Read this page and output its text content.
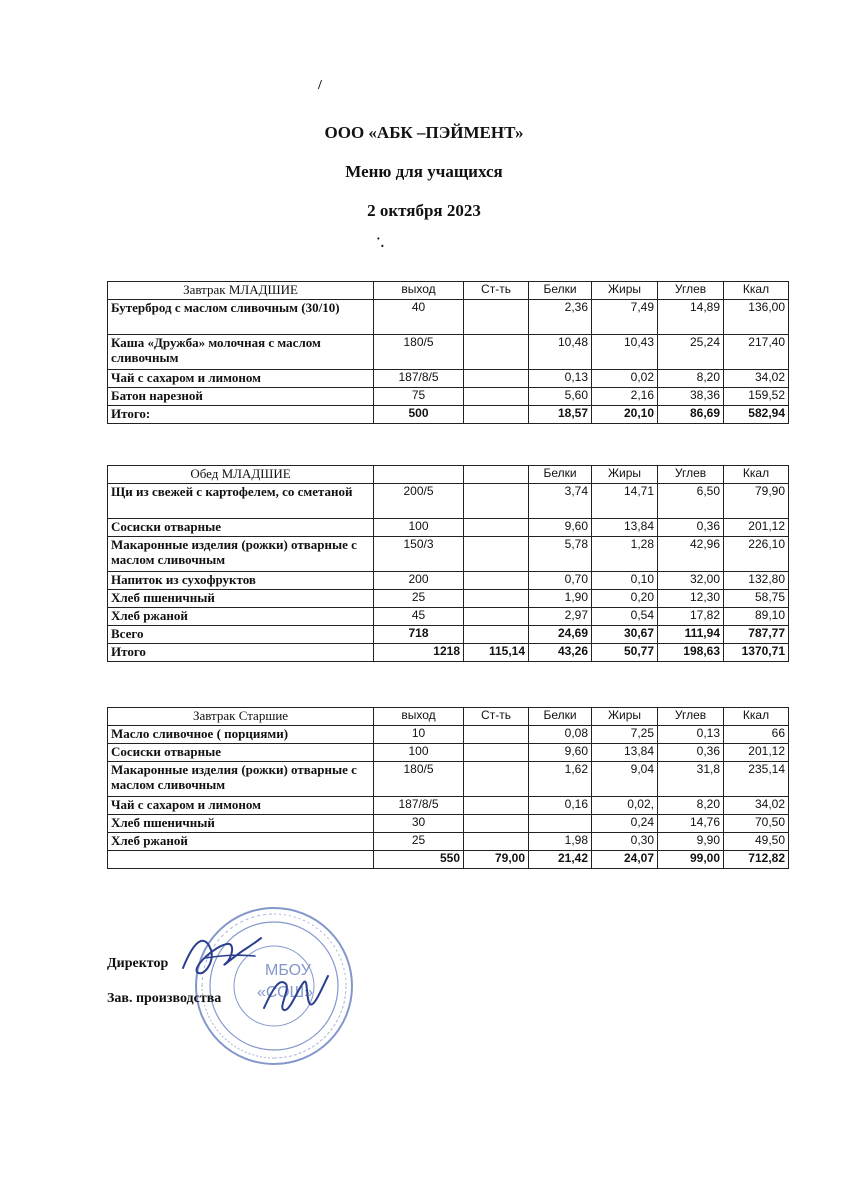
ООО «АБК –ПЭЙМЕНТ»
Меню для учащихся
2 октября 2023
/
˙.
Завтрак МЛАДШИЕ	выход	Ст-ть	Белки	Жиры	Углев	Ккал
Бутерброд с маслом сливочным (30/10)	40		2,36	7,49	14,89	136,00
Каша «Дружба» молочная с маслом сливочным	180/5		10,48	10,43	25,24	217,40
Чай с сахаром и лимоном	187/8/5		0,13	0,02	8,20	34,02
Батон нарезной	75		5,60	2,16	38,36	159,52
Итого:	500		18,57	20,10	86,69	582,94
Обед МЛАДШИЕ			Белки	Жиры	Углев	Ккал
Щи из свежей с картофелем, со сметаной	200/5		3,74	14,71	6,50	79,90
Сосиски отварные	100		9,60	13,84	0,36	201,12
Макаронные изделия (рожки) отварные с маслом сливочным	150/3		5,78	1,28	42,96	226,10
Напиток из сухофруктов	200		0,70	0,10	32,00	132,80
Хлеб пшеничный	25		1,90	0,20	12,30	58,75
Хлеб ржаной	45		2,97	0,54	17,82	89,10
Всего	718		24,69	30,67	111,94	787,77
Итого	1218	115,14	43,26	50,77	198,63	1370,71
Завтрак Старшие	выход	Ст-ть	Белки	Жиры	Углев	Ккал
Масло сливочное ( порциями)	10		0,08	7,25	0,13	66
Сосиски отварные	100		9,60	13,84	0,36	201,12
Макаронные изделия (рожки) отварные с маслом сливочным	180/5		1,62	9,04	31,8	235,14
Чай с сахаром и лимоном	187/8/5		0,16	0,02,	8,20	34,02
Хлеб пшеничный	30			0,24	14,76	70,50
Хлеб ржаной	25		1,98	0,30	9,90	49,50
	550	79,00	21,42	24,07	99,00	712,82
МБОУ
«СОШ»
Директор
Зав. производства
